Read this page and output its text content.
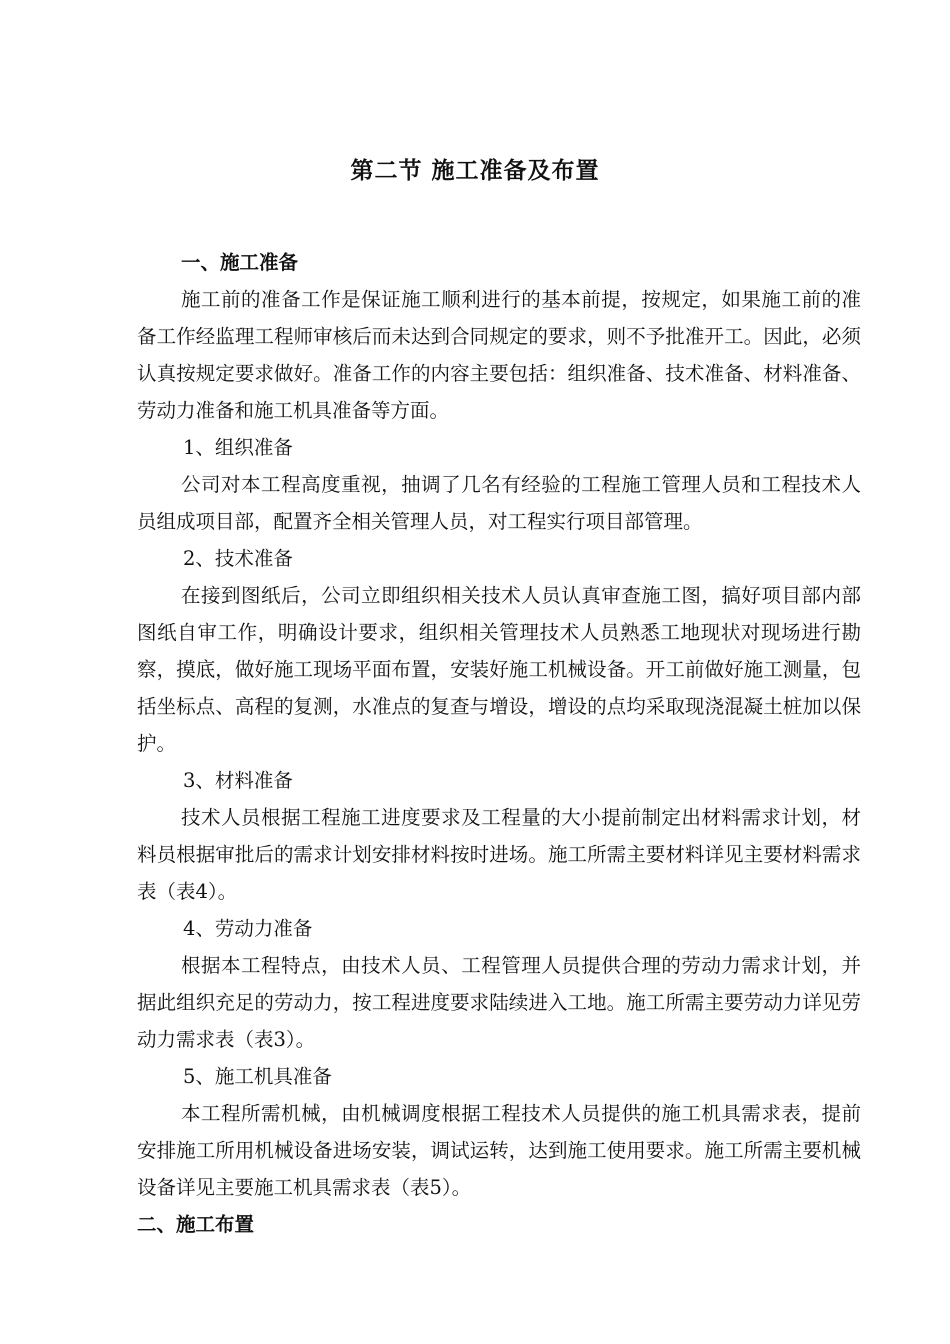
第二节 施工准备及布置

一、施工准备

施工前的准备工作是保证施工顺利进行的基本前提，按规定，如果施工前的准备工作经监理工程师审核后而未达到合同规定的要求，则不予批准开工。因此，必须认真按规定要求做好。准备工作的内容主要包括：组织准备、技术准备、材料准备、劳动力准备和施工机具准备等方面。

1、组织准备

公司对本工程高度重视，抽调了几名有经验的工程施工管理人员和工程技术人员组成项目部，配置齐全相关管理人员，对工程实行项目部管理。

2、技术准备

在接到图纸后，公司立即组织相关技术人员认真审查施工图，搞好项目部内部图纸自审工作，明确设计要求，组织相关管理技术人员熟悉工地现状对现场进行勘察，摸底，做好施工现场平面布置，安装好施工机械设备。开工前做好施工测量，包括坐标点、高程的复测，水准点的复查与增设，增设的点均采取现浇混凝土桩加以保护。

3、材料准备

技术人员根据工程施工进度要求及工程量的大小提前制定出材料需求计划，材料员根据审批后的需求计划安排材料按时进场。施工所需主要材料详见主要材料需求表（表4）。

4、劳动力准备

根据本工程特点，由技术人员、工程管理人员提供合理的劳动力需求计划，并据此组织充足的劳动力，按工程进度要求陆续进入工地。施工所需主要劳动力详见劳动力需求表（表3）。

5、施工机具准备

本工程所需机械，由机械调度根据工程技术人员提供的施工机具需求表，提前安排施工所用机械设备进场安装，调试运转，达到施工使用要求。施工所需主要机械设备详见主要施工机具需求表（表5）。

二、施工布置
